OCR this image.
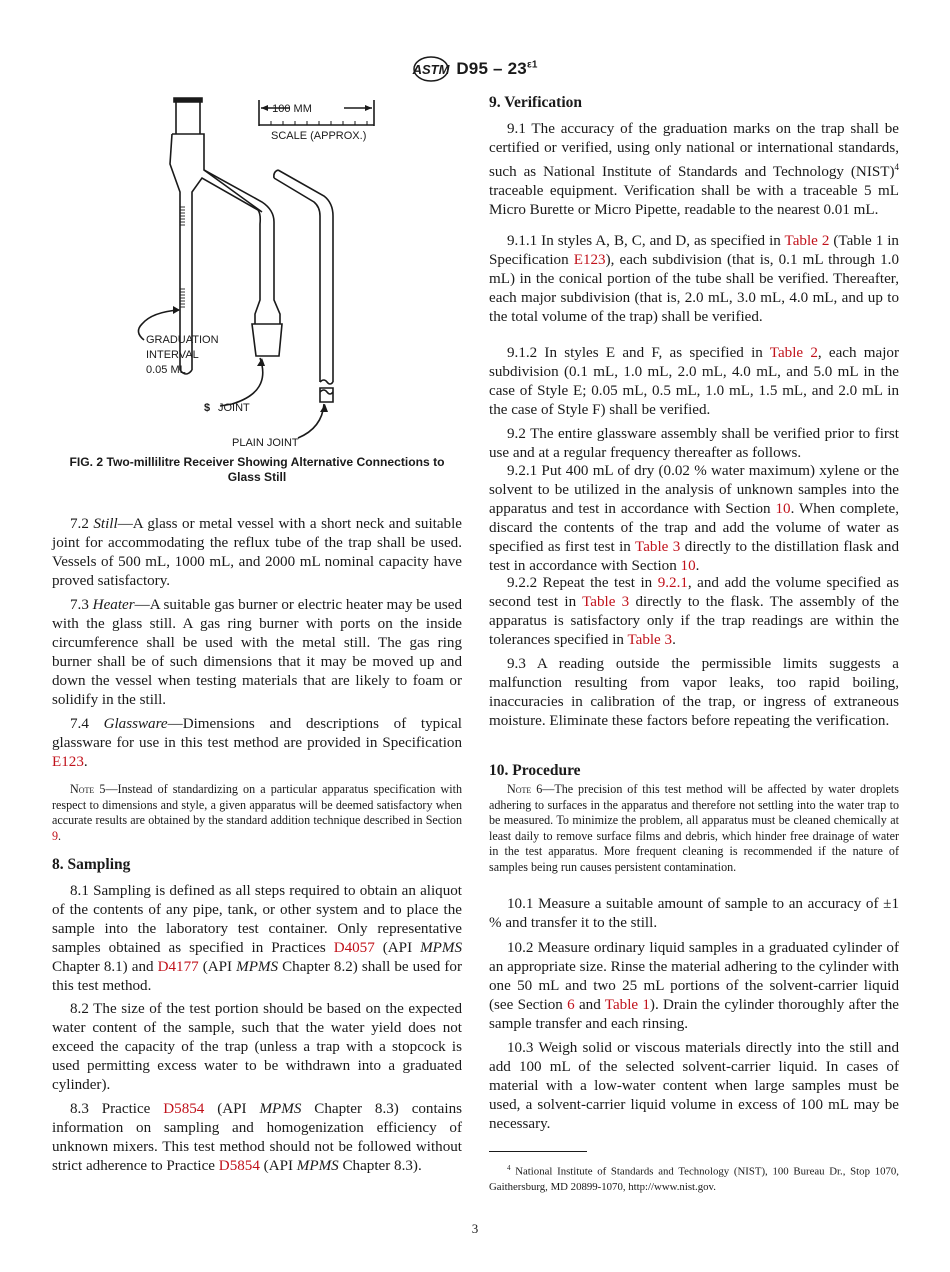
ASTM $D95 - 23^{\varepsilon 1}$
100 MM
SCALE (APPROX.)
GRADUATION
INTERVAL
0.05 ML
$ JOINT
PLAIN JOINT
FIG. 2 Two-millilitre Receiver Showing Alternative Connections to
Glass Still

7.2 Still—A glass or metal vessel with a short neck and suitable joint for accommodating the reflux tube of the trap shall be used. Vessels of 500 mL, 1000 mL, and 2000 mL nominal capacity have proved satisfactory.

7.3 Heater—A suitable gas burner or electric heater may be used with the glass still. A gas ring burner with ports on the inside circumference shall be used with the metal still. The gas ring burner shall be of such dimensions that it may be moved up and down the vessel when testing materials that are likely to foam or solidify in the still.

7.4 Glassware—Dimensions and descriptions of typical glassware for use in this test method are provided in Specification E123.

Note 5—Instead of standardizing on a particular apparatus specification with respect to dimensions and style, a given apparatus will be deemed satisfactory when accurate results are obtained by the standard addition technique described in Section 9.

8. Sampling

8.1 Sampling is defined as all steps required to obtain an aliquot of the contents of any pipe, tank, or other system and to place the sample into the laboratory test container. Only representative samples obtained as specified in Practices D4057 (API MPMS Chapter 8.1) and D4177 (API MPMS Chapter 8.2) shall be used for this test method.

8.2 The size of the test portion should be based on the expected water content of the sample, such that the water yield does not exceed the capacity of the trap (unless a trap with a stopcock is used permitting excess water to be withdrawn into a graduated cylinder).

8.3 Practice D5854 (API MPMS Chapter 8.3) contains information on sampling and homogenization efficiency of unknown mixers. This test method should not be followed without strict adherence to Practice D5854 (API MPMS Chapter 8.3).

9. Verification

9.1 The accuracy of the graduation marks on the trap shall be certified or verified, using only national or international standards, such as National Institute of Standards and Technology (NIST)$^4$ traceable equipment. Verification shall be with a traceable 5 mL Micro Burette or Micro Pipette, readable to the nearest 0.01 mL.

9.1.1 In styles A, B, C, and D, as specified in Table 2 (Table 1 in Specification E123), each subdivision (that is, 0.1 mL through 1.0 mL) in the conical portion of the tube shall be verified. Thereafter, each major subdivision (that is, 2.0 mL, 3.0 mL, 4.0 mL, and up to the total volume of the trap) shall be verified.

9.1.2 In styles E and F, as specified in Table 2, each major subdivision (0.1 mL, 1.0 mL, 2.0 mL, 4.0 mL, and 5.0 mL in the case of Style E; 0.05 mL, 0.5 mL, 1.0 mL, 1.5 mL, and 2.0 mL in the case of Style F) shall be verified.

9.2 The entire glassware assembly shall be verified prior to first use and at a regular frequency thereafter as follows.

9.2.1 Put 400 mL of dry (0.02 % water maximum) xylene or the solvent to be utilized in the analysis of unknown samples into the apparatus and test in accordance with Section 10. When complete, discard the contents of the trap and add the volume of water as specified as first test in Table 3 directly to the distillation flask and test in accordance with Section 10.

9.2.2 Repeat the test in 9.2.1, and add the volume specified as second test in Table 3 directly to the flask. The assembly of the apparatus is satisfactory only if the trap readings are within the tolerances specified in Table 3.

9.3 A reading outside the permissible limits suggests a malfunction resulting from vapor leaks, too rapid boiling, inaccuracies in calibration of the trap, or ingress of extraneous moisture. Eliminate these factors before repeating the verification.

10. Procedure

Note 6—The precision of this test method will be affected by water droplets adhering to surfaces in the apparatus and therefore not settling into the water trap to be measured. To minimize the problem, all apparatus must be cleaned chemically at least daily to remove surface films and debris, which hinder free drainage of water in the test apparatus. More frequent cleaning is recommended if the nature of samples being run causes persistent contamination.

10.1 Measure a suitable amount of sample to an accuracy of ±1 % and transfer it to the still.

10.2 Measure ordinary liquid samples in a graduated cylinder of an appropriate size. Rinse the material adhering to the cylinder with one 50 mL and two 25 mL portions of the solvent-carrier liquid (see Section 6 and Table 1). Drain the cylinder thoroughly after the sample transfer and each rinsing.

10.3 Weigh solid or viscous materials directly into the still and add 100 mL of the selected solvent-carrier liquid. In cases of material with a low-water content when large samples must be used, a solvent-carrier liquid volume in excess of 100 mL may be necessary.

$^4$ National Institute of Standards and Technology (NIST), 100 Bureau Dr., Stop 1070, Gaithersburg, MD 20899-1070, http://www.nist.gov.
3
